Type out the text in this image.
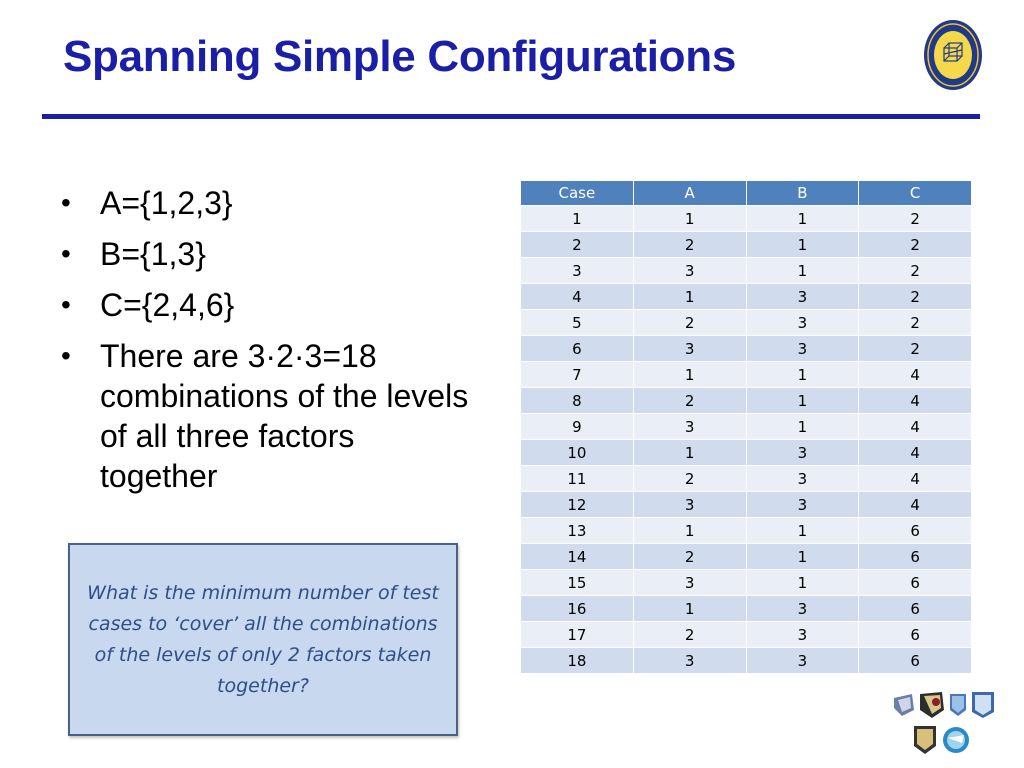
Spanning Simple Configurations
• A={1,2,3}
• B={1,3}
• C={2,4,6}
• There are 3·2·3=18 combinations of the levels of all three factors together
What is the minimum number of test cases to ‘cover’ all the combinations of the levels of only 2 factors taken together?
Case	A	B	C
1	1	1	2
2	2	1	2
3	3	1	2
4	1	3	2
5	2	3	2
6	3	3	2
7	1	1	4
8	2	1	4
9	3	1	4
10	1	3	4
11	2	3	4
12	3	3	4
13	1	1	6
14	2	1	6
15	3	1	6
16	1	3	6
17	2	3	6
18	3	3	6
